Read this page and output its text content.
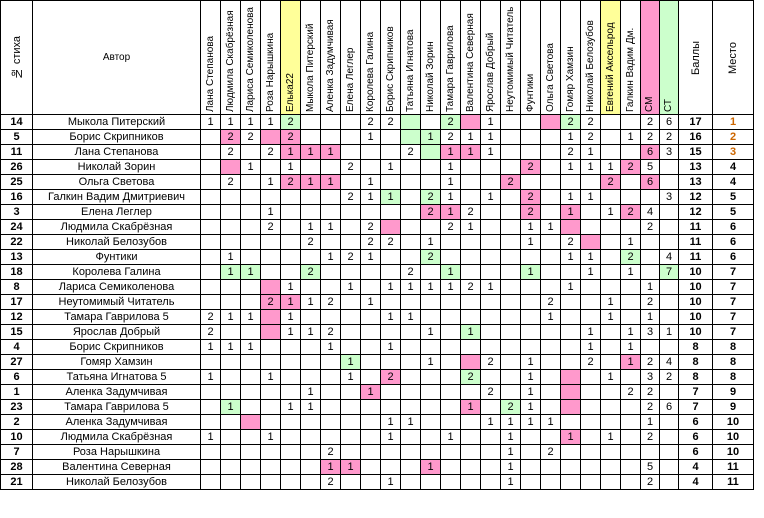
№ стиха	Автор	Лана Степанова	Людмила Скабрёзная	Лариса Семиколенова	Роза Нарышкина	Елька22	Мыкола Питерский	Аленка Задумчивая	Елена Леглер	Королева Галина	Борис Скрипников	Татьяна Игнатова	Николай Зорин	Тамара Гаврилова	Валентина Северная	Ярослав Добрый	Неутомимый Читатель	Фунтики	Ольга Светова	Гомяр Хамзин	Николай Белозубов	Евгений Аксельрод	Галкин Вадим Дм.	СМ	СТ	Баллы	Место

14	Мыкола Питерский	1	1	1	1	2				2	2			2		1				2	2			2	6	17	1
5	Борис Скрипников		2	2		2				1			1	2	1	1				1	2		1	2	2	16	2
11	Лана Степанова		2		2	1	1	1				2		1	1	1				2	1			6	3	15	3
26	Николай Зорин			1		1			2		1			1				2		1	1	1	2	5		13	4
25	Ольга Светова		2		1	2	1	1		1				1			2					2		6		13	4
16	Галкин Вадим Дмитриевич								2	1	1		2	1		1		2		1	1				3	12	5
3	Елена Леглер				1								2	1	2			2		1		1	2	4		12	5
24	Людмила Скабрёзная				2		1	1		2				2	1			1	1					2		11	6
22	Николай Белозубов						2			2	2		1					1		2			1			11	6
13	Фунтики		1					1	2	1			2							1	1		2		4	11	6
18	Королева Галина		1	1			2					2		1				1			1		1		7	10	7
8	Лариса Семиколенова					1			1		1	1	1	1	2	1				1				1		10	7
17	Неутомимый Читатель				2	1	1	2		1									2			1		2		10	7
12	Тамара Гаврилова 5	2	1	1		1					1	1							1			1		1		10	7
15	Ярослав Добрый	2				1	1	2					1		1						1		1	3	1	10	7
4	Борис Скрипников	1	1	1				1			1										1		1			8	8
27	Гомяр Хамзин								1				1			2		1			2		1	2	4	8	8
6	Татьяна Игнатова 5	1			1				1		2				2			1				1		3	2	8	8
1	Аленка Задумчивая						1			1						2		1					2	2		7	9
23	Тамара Гаврилова 5		1			1	1								1		2	1						2	6	7	9
2	Аленка Задумчивая										1	1				1	1	1	1					1		6	10
10	Людмила Скабрёзная	1			1						1			1			1			1		1		2		6	10
7	Роза Нарышкина							2									1		2							6	10
28	Валентина Северная							1	1				1				1							5		4	11
21	Николай Белозубов							2			1						1							2		4	11
